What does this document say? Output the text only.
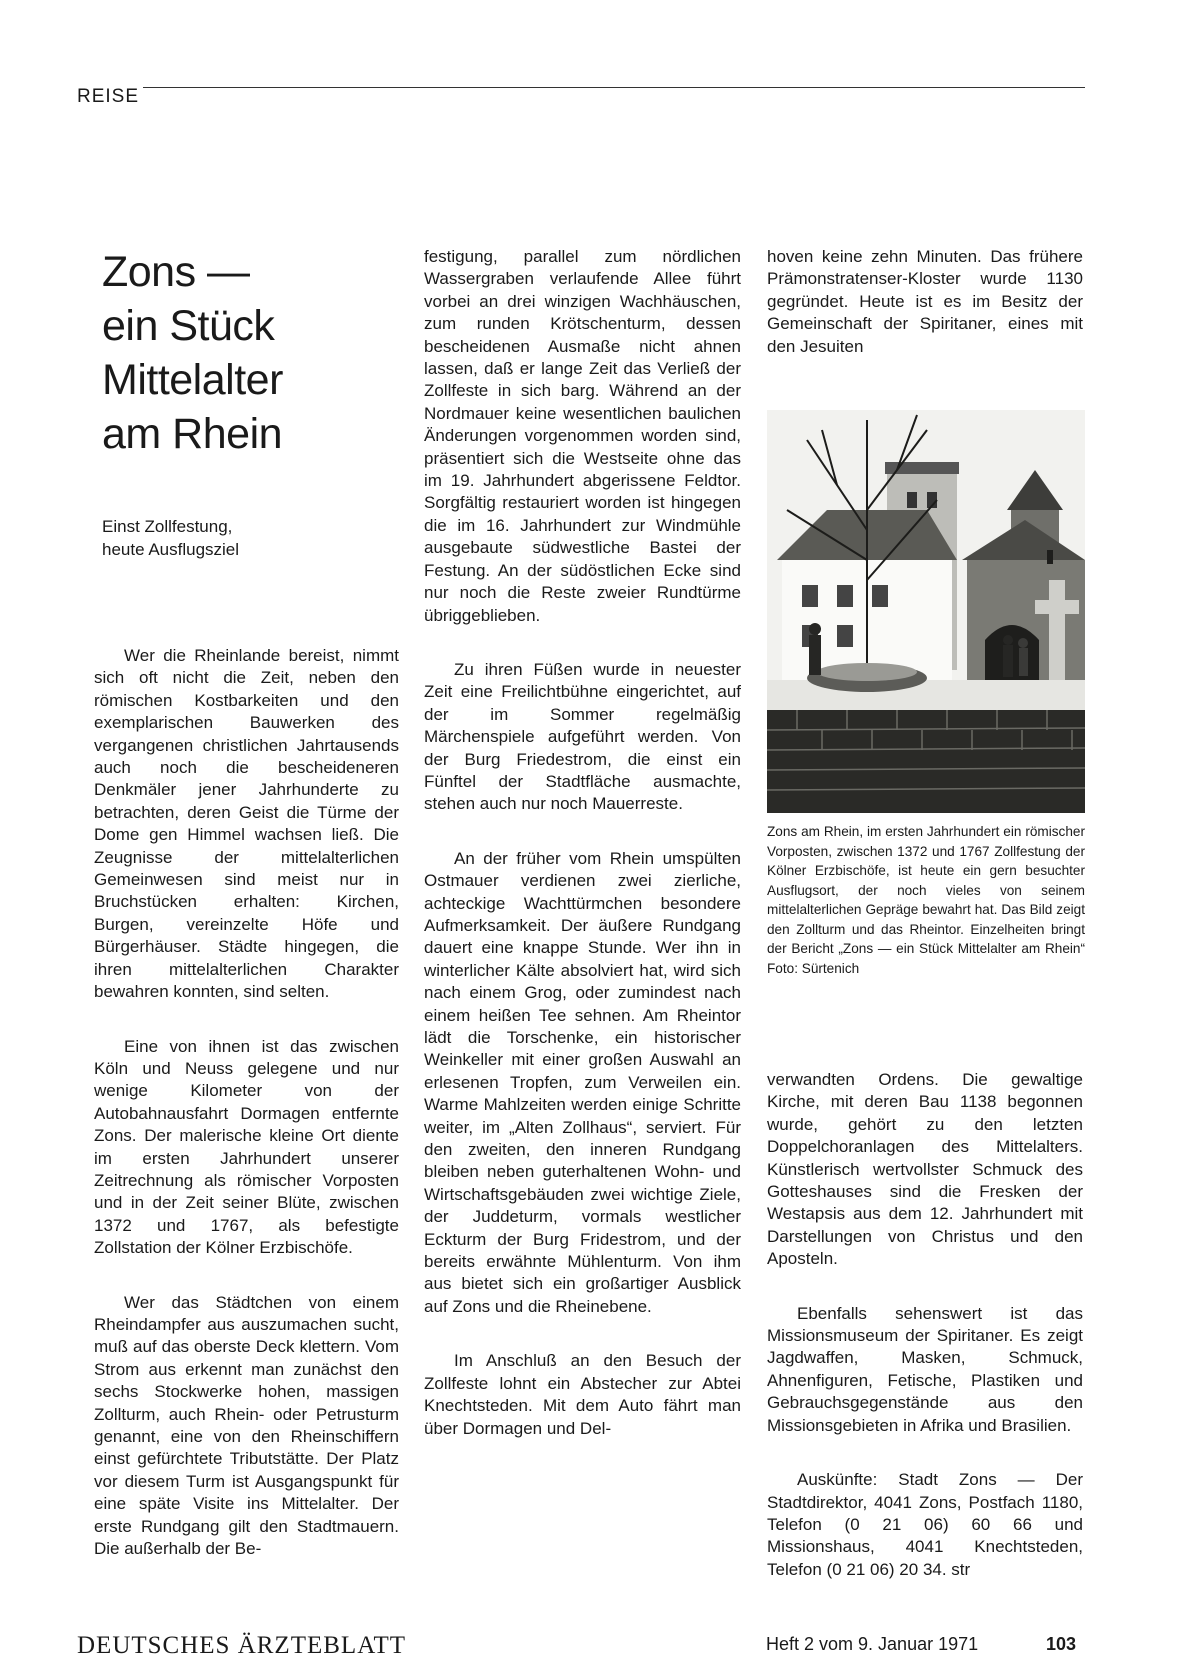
REISE
Zons —
ein Stück
Mittelalter
am Rhein
Einst Zollfestung,
heute Ausflugsziel

Wer die Rheinlande bereist, nimmt sich oft nicht die Zeit, neben den römischen Kostbarkeiten und den exemplarischen Bauwerken des vergangenen christlichen Jahrtausends auch noch die bescheideneren Denkmäler jener Jahrhunderte zu betrachten, deren Geist die Türme der Dome gen Himmel wachsen ließ. Die Zeugnisse der mittelalterlichen Gemeinwesen sind meist nur in Bruchstücken erhalten: Kirchen, Burgen, vereinzelte Höfe und Bürgerhäuser. Städte hingegen, die ihren mittelalterlichen Charakter bewahren konnten, sind selten.

Eine von ihnen ist das zwischen Köln und Neuss gelegene und nur wenige Kilometer von der Autobahnausfahrt Dormagen entfernte Zons. Der malerische kleine Ort diente im ersten Jahrhundert unserer Zeitrechnung als römischer Vorposten und in der Zeit seiner Blüte, zwischen 1372 und 1767, als befestigte Zollstation der Kölner Erzbischöfe.

Wer das Städtchen von einem Rheindampfer aus auszumachen sucht, muß auf das oberste Deck klettern. Vom Strom aus erkennt man zunächst den sechs Stockwerke hohen, massigen Zollturm, auch Rhein- oder Petrusturm genannt, eine von den Rheinschiffern einst gefürchtete Tributstätte. Der Platz vor diesem Turm ist Ausgangspunkt für eine späte Visite ins Mittelalter. Der erste Rundgang gilt den Stadtmauern. Die außerhalb der Be-

festigung, parallel zum nördlichen Wassergraben verlaufende Allee führt vorbei an drei winzigen Wachhäuschen, zum runden Krötschenturm, dessen bescheidenen Ausmaße nicht ahnen lassen, daß er lange Zeit das Verließ der Zollfeste in sich barg. Während an der Nordmauer keine wesentlichen baulichen Änderungen vorgenommen worden sind, präsentiert sich die Westseite ohne das im 19. Jahrhundert abgerissene Feldtor. Sorgfältig restauriert worden ist hingegen die im 16. Jahrhundert zur Windmühle ausgebaute südwestliche Bastei der Festung. An der südöstlichen Ecke sind nur noch die Reste zweier Rundtürme übriggeblieben.

Zu ihren Füßen wurde in neuester Zeit eine Freilichtbühne eingerichtet, auf der im Sommer regelmäßig Märchenspiele aufgeführt werden. Von der Burg Friedestrom, die einst ein Fünftel der Stadtfläche ausmachte, stehen auch nur noch Mauerreste.

An der früher vom Rhein umspülten Ostmauer verdienen zwei zierliche, achteckige Wachttürmchen besondere Aufmerksamkeit. Der äußere Rundgang dauert eine knappe Stunde. Wer ihn in winterlicher Kälte absolviert hat, wird sich nach einem Grog, oder zumindest nach einem heißen Tee sehnen. Am Rheintor lädt die Torschenke, ein historischer Weinkeller mit einer großen Auswahl an erlesenen Tropfen, zum Verweilen ein. Warme Mahlzeiten werden einige Schritte weiter, im „Alten Zollhaus“, serviert. Für den zweiten, den inneren Rundgang bleiben neben guterhaltenen Wohn- und Wirtschaftsgebäuden zwei wichtige Ziele, der Juddeturm, vormals westlicher Eckturm der Burg Fridestrom, und der bereits erwähnte Mühlenturm. Von ihm aus bietet sich ein großartiger Ausblick auf Zons und die Rheinebene.

Im Anschluß an den Besuch der Zollfeste lohnt ein Abstecher zur Abtei Knechtsteden. Mit dem Auto fährt man über Dormagen und Del-

hoven keine zehn Minuten. Das frühere Prämonstratenser-Kloster wurde 1130 gegründet. Heute ist es im Besitz der Gemeinschaft der Spiritaner, eines mit den Jesuiten

Zons am Rhein, im ersten Jahrhundert ein römischer Vorposten, zwischen 1372 und 1767 Zollfestung der Kölner Erzbischöfe, ist heute ein gern besuchter Ausflugsort, der noch vieles von seinem mittelalterlichen Gepräge bewahrt hat. Das Bild zeigt den Zollturm und das Rheintor. Einzelheiten bringt der Bericht „Zons — ein Stück Mittelalter am Rhein“ Foto: Sürtenich

verwandten Ordens. Die gewaltige Kirche, mit deren Bau 1138 begonnen wurde, gehört zu den letzten Doppelchoranlagen des Mittelalters. Künstlerisch wertvollster Schmuck des Gotteshauses sind die Fresken der Westapsis aus dem 12. Jahrhundert mit Darstellungen von Christus und den Aposteln.

Ebenfalls sehenswert ist das Missionsmuseum der Spiritaner. Es zeigt Jagdwaffen, Masken, Schmuck, Ahnenfiguren, Fetische, Plastiken und Gebrauchsgegenstände aus den Missionsgebieten in Afrika und Brasilien.

Auskünfte: Stadt Zons — Der Stadtdirektor, 4041 Zons, Postfach 1180, Telefon (0 21 06) 60 66 und Missionshaus, 4041 Knechtsteden, Telefon (0 21 06) 20 34. str

DEUTSCHES ÄRZTEBLATT	Heft 2 vom 9. Januar 1971	103
